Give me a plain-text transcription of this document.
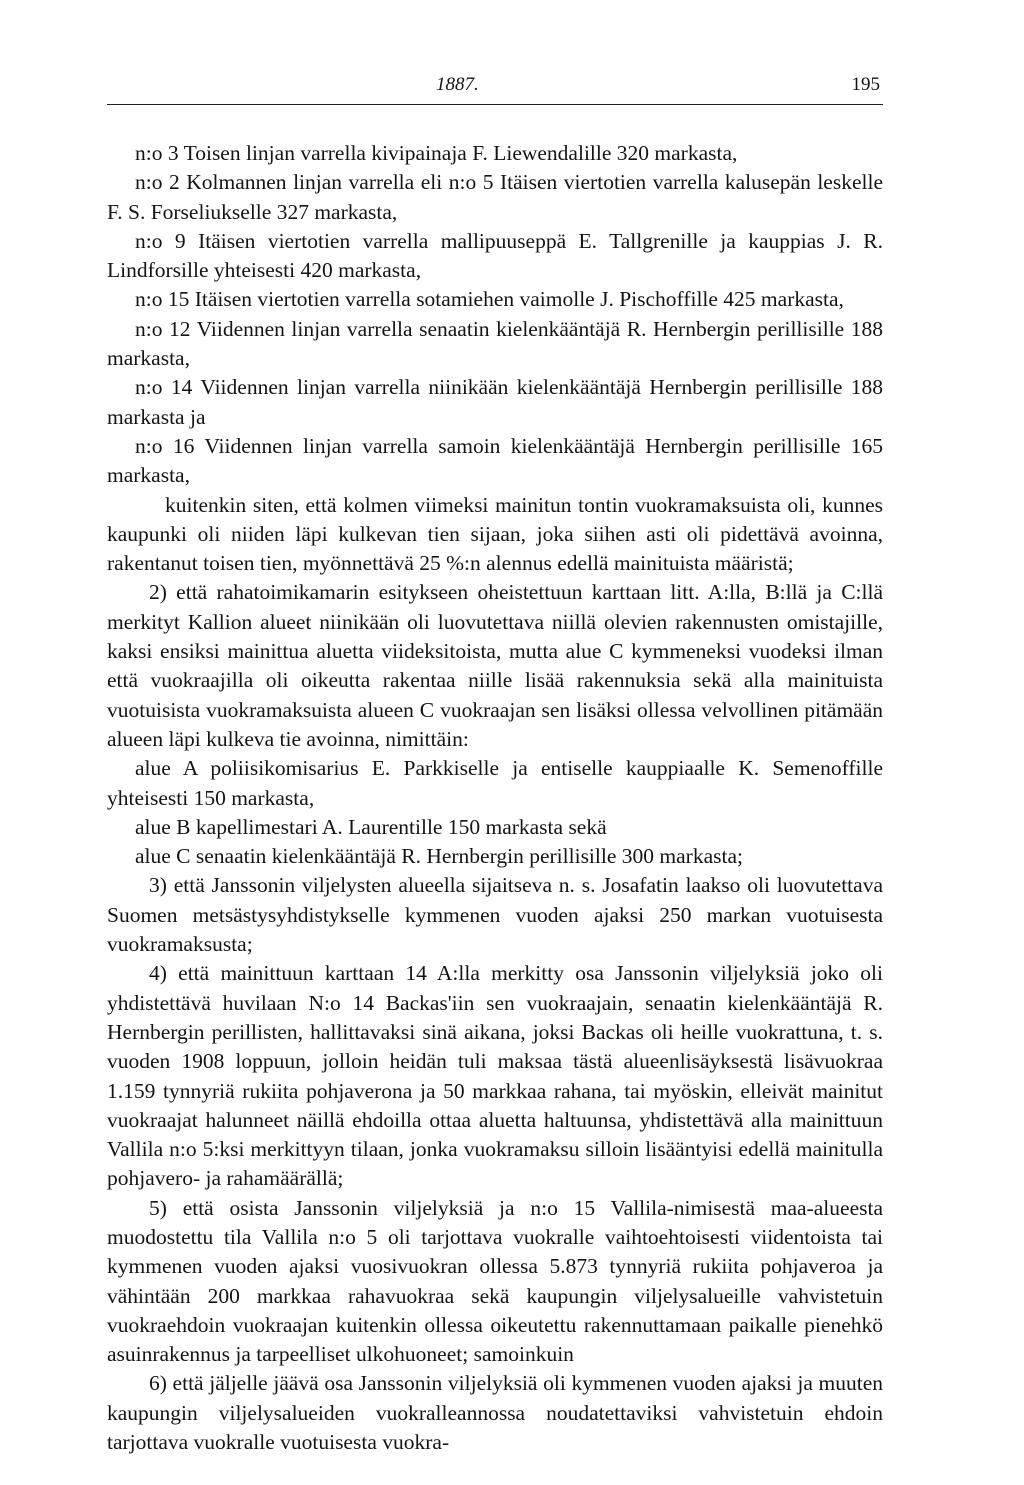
1887.	195

n:o 3 Toisen linjan varrella kivipainaja F. Liewendalille 320 markasta,

n:o 2 Kolmannen linjan varrella eli n:o 5 Itäisen viertotien varrella kalusepän leskelle F. S. Forseliukselle 327 markasta,

n:o 9 Itäisen viertotien varrella mallipuuseppä E. Tallgrenille ja kauppias J. R. Lindforsille yhteisesti 420 markasta,

n:o 15 Itäisen viertotien varrella sotamiehen vaimolle J. Pischoffille 425 markasta,

n:o 12 Viidennen linjan varrella senaatin kielenkääntäjä R. Hernbergin perillisille 188 markasta,

n:o 14 Viidennen linjan varrella niinikään kielenkääntäjä Hernbergin perillisille 188 markasta ja

n:o 16 Viidennen linjan varrella samoin kielenkääntäjä Hernbergin perillisille 165 markasta,

kuitenkin siten, että kolmen viimeksi mainitun tontin vuokramaksuista oli, kunnes kaupunki oli niiden läpi kulkevan tien sijaan, joka siihen asti oli pidettävä avoinna, rakentanut toisen tien, myönnettävä 25 %:n alennus edellä mainituista määristä;

2) että rahatoimikamarin esitykseen oheistettuun karttaan litt. A:lla, B:llä ja C:llä merkityt Kallion alueet niinikään oli luovutettava niillä olevien rakennusten omistajille, kaksi ensiksi mainittua aluetta viideksitoista, mutta alue C kymmeneksi vuodeksi ilman että vuokraajilla oli oikeutta rakentaa niille lisää rakennuksia sekä alla mainituista vuotuisista vuokramaksuista alueen C vuokraajan sen lisäksi ollessa velvollinen pitämään alueen läpi kulkeva tie avoinna, nimittäin:

alue A poliisikomisarius E. Parkkiselle ja entiselle kauppiaalle K. Semenoffille yhteisesti 150 markasta,

alue B kapellimestari A. Laurentille 150 markasta sekä

alue C senaatin kielenkääntäjä R. Hernbergin perillisille 300 markasta;

3) että Janssonin viljelysten alueella sijaitseva n. s. Josafatin laakso oli luovutettava Suomen metsästysyhdistykselle kymmenen vuoden ajaksi 250 markan vuotuisesta vuokramaksusta;

4) että mainittuun karttaan 14 A:lla merkitty osa Janssonin viljelyksiä joko oli yhdistettävä huvilaan N:o 14 Backas'iin sen vuokraajain, senaatin kielenkääntäjä R. Hernbergin perillisten, hallittavaksi sinä aikana, joksi Backas oli heille vuokrattuna, t. s. vuoden 1908 loppuun, jolloin heidän tuli maksaa tästä alueenlisäyksestä lisävuokraa 1.159 tynnyriä rukiita pohjaverona ja 50 markkaa rahana, tai myöskin, elleivät mainitut vuokraajat halunneet näillä ehdoilla ottaa aluetta haltuunsa, yhdistettävä alla mainittuun Vallila n:o 5:ksi merkittyyn tilaan, jonka vuokramaksu silloin lisääntyisi edellä mainitulla pohjavero- ja rahamäärällä;

5) että osista Janssonin viljelyksiä ja n:o 15 Vallila-nimisestä maa-alueesta muodostettu tila Vallila n:o 5 oli tarjottava vuokralle vaihtoehtoisesti viidentoista tai kymmenen vuoden ajaksi vuosivuokran ollessa 5.873 tynnyriä rukiita pohjaveroa ja vähintään 200 markkaa rahavuokraa sekä kaupungin viljelysalueille vahvistetuin vuokraehdoin vuokraajan kuitenkin ollessa oikeutettu rakennuttamaan paikalle pienehkö asuinrakennus ja tarpeelliset ulkohuoneet; samoinkuin

6) että jäljelle jäävä osa Janssonin viljelyksiä oli kymmenen vuoden ajaksi ja muuten kaupungin viljelysalueiden vuokralleannossa noudatettaviksi vahvistetuin ehdoin tarjottava vuokralle vuotuisesta vuokra-
